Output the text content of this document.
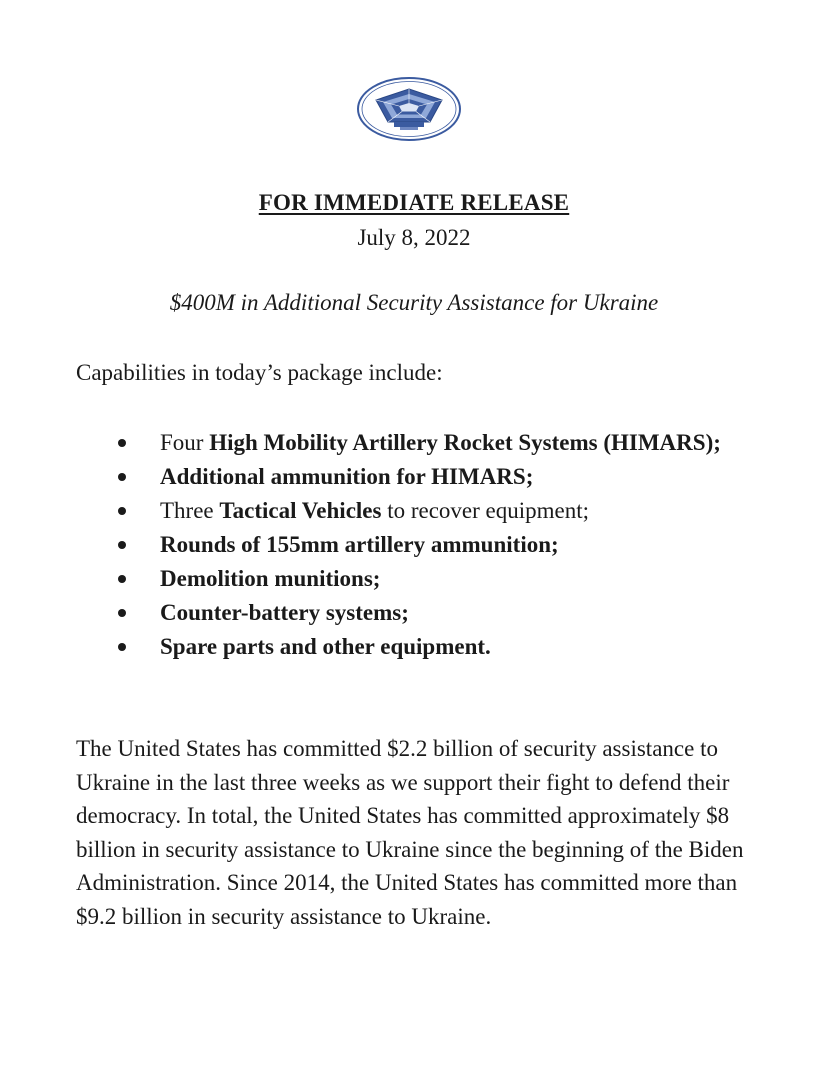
FOR IMMEDIATE RELEASE
July 8, 2022
$400M in Additional Security Assistance for Ukraine
Capabilities in today’s package include:
Four High Mobility Artillery Rocket Systems (HIMARS);
Additional ammunition for HIMARS;
Three Tactical Vehicles to recover equipment;
Rounds of 155mm artillery ammunition;
Demolition munitions;
Counter-battery systems;
Spare parts and other equipment.

The United States has committed $2.2 billion of security assistance to Ukraine in the last three weeks as we support their fight to defend their democracy. In total, the United States has committed approximately $8 billion in security assistance to Ukraine since the beginning of the Biden Administration. Since 2014, the United States has committed more than $9.2 billion in security assistance to Ukraine.
